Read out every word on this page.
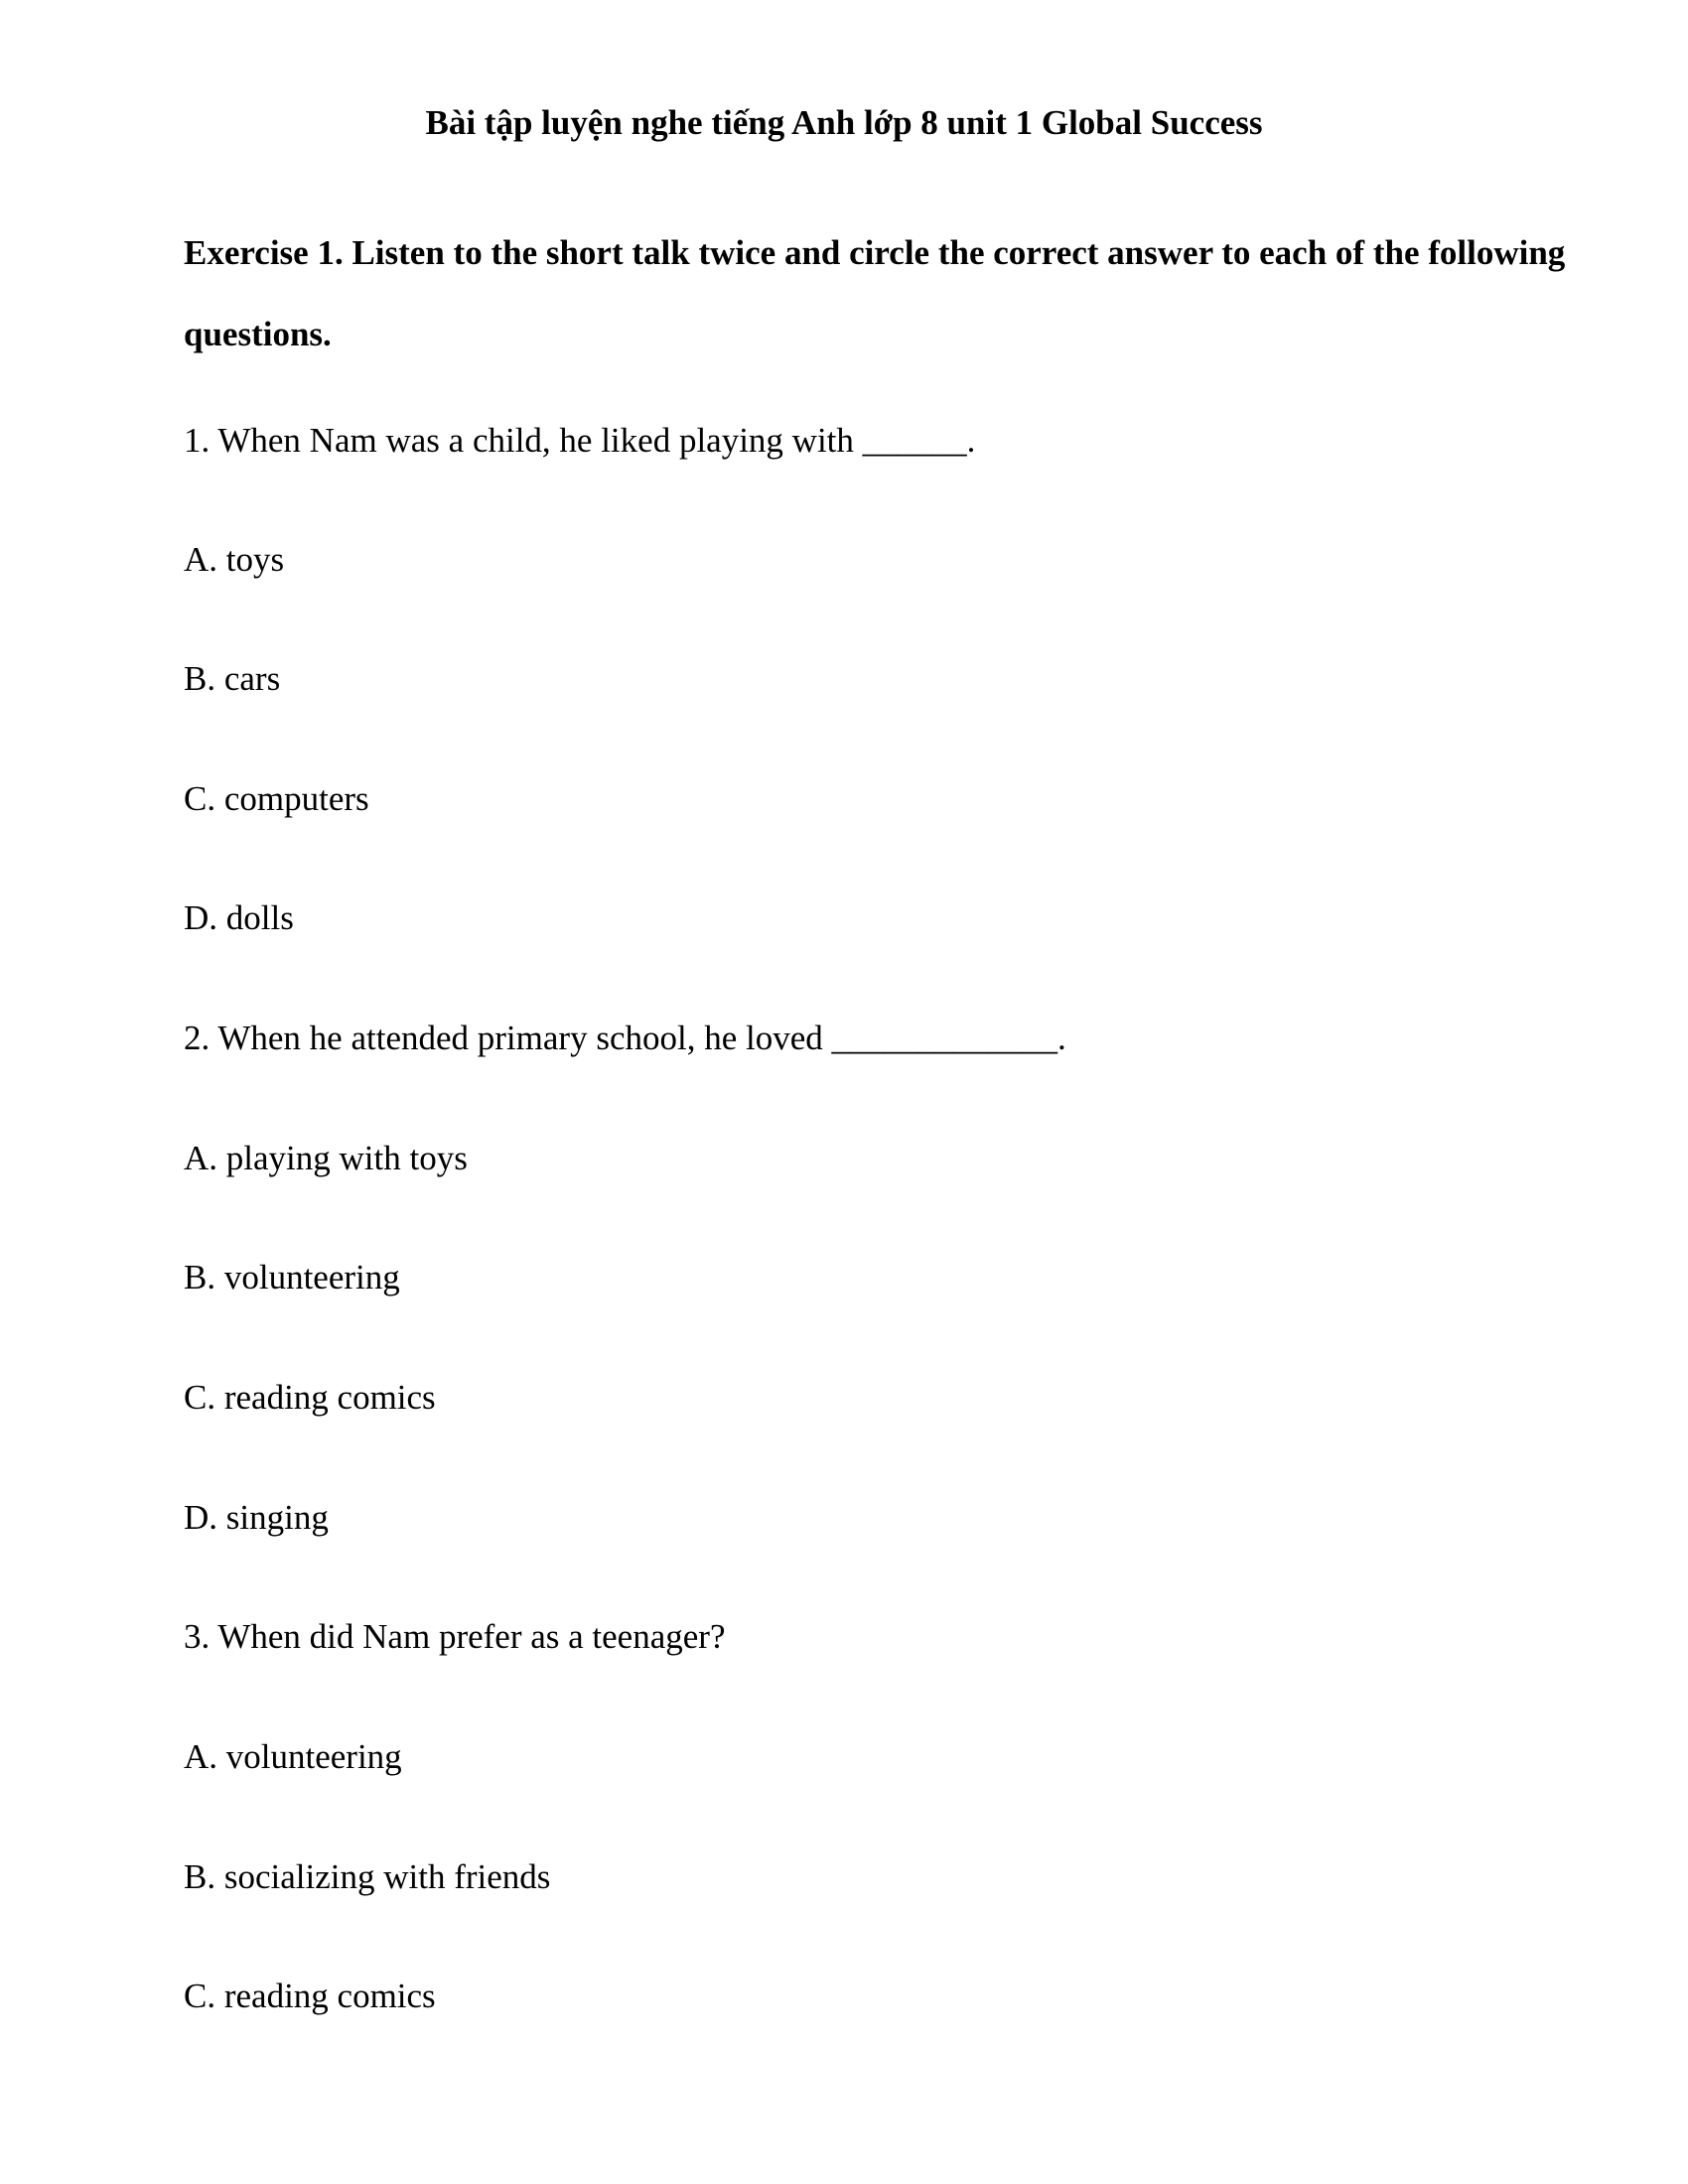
Bài tập luyện nghe tiếng Anh lớp 8 unit 1 Global Success

Exercise 1. Listen to the short talk twice and circle the correct answer to each of the following questions.

1. When Nam was a child, he liked playing with ______.

A. toys

B. cars

C. computers

D. dolls

2. When he attended primary school, he loved _____________.

A. playing with toys

B. volunteering

C. reading comics

D. singing

3. When did Nam prefer as a teenager?

A. volunteering

B. socializing with friends

C. reading comics
